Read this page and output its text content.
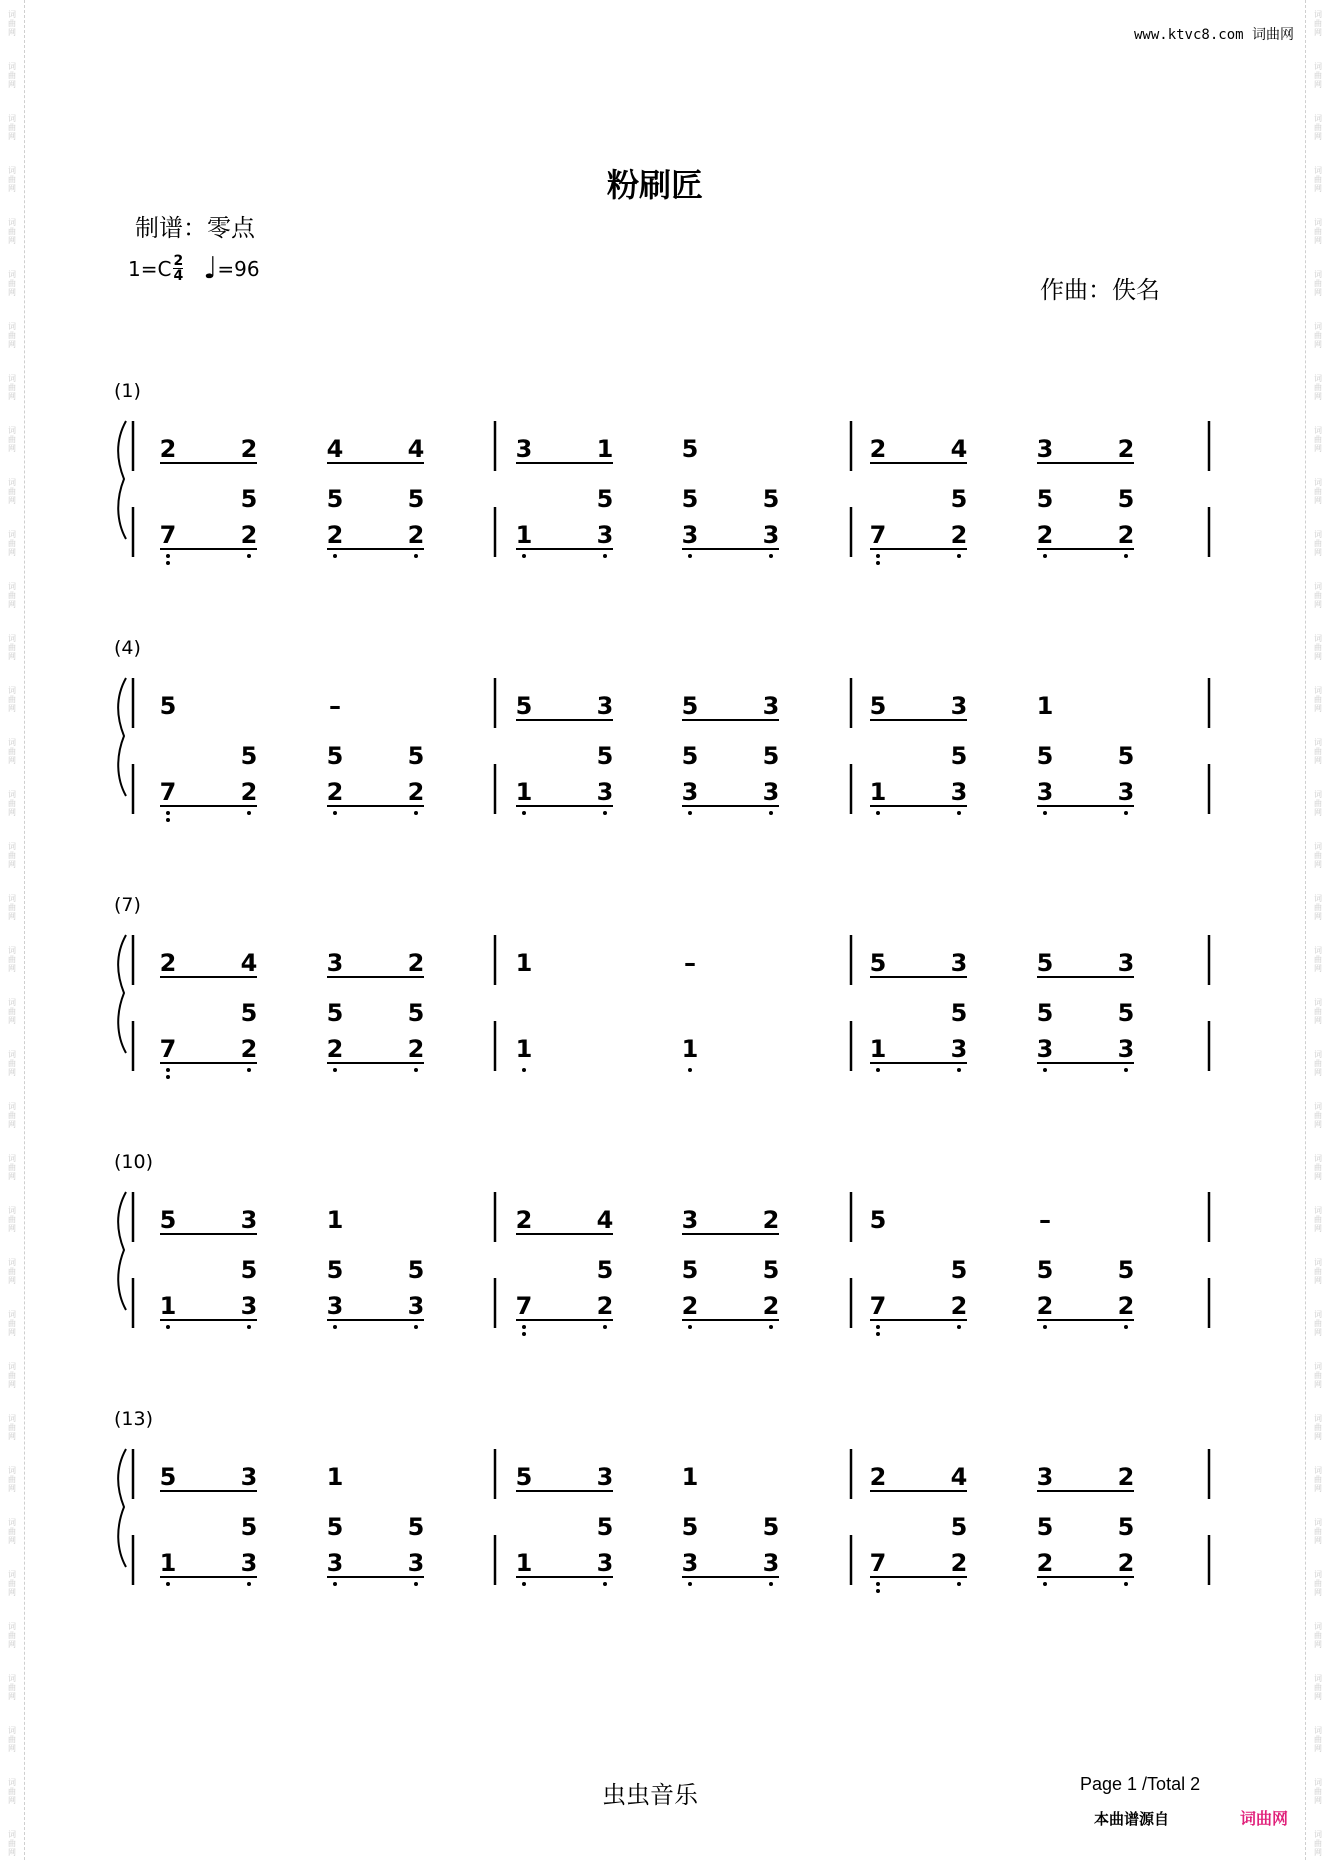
词
曲
网
词
曲
网
词
曲
网
词
曲
网
词
曲
网
词
曲
网
词
曲
网
词
曲
网
词
曲
网
词
曲
网
词
曲
网
词
曲
网
词
曲
网
词
曲
网
词
曲
网
词
曲
网
词
曲
网
词
曲
网
词
曲
网
词
曲
网
词
曲
网
词
曲
网
词
曲
网
词
曲
网
词
曲
网
词
曲
网
词
曲
网
词
曲
网
词
曲
网
词
曲
网
词
曲
网
词
曲
网
词
曲
网
词
曲
网
词
曲
网
词
曲
网
词
曲
网
词
曲
网
词
曲
网
词
曲
网
词
曲
网
词
曲
网
词
曲
网
词
曲
网
词
曲
网
词
曲
网
词
曲
网
词
曲
网
词
曲
网
词
曲
网
词
曲
网
词
曲
网
词
曲
网
词
曲
网
词
曲
网
词
曲
网
词
曲
网
词
曲
网
词
曲
网
词
曲
网
词
曲
网
词
曲
网
词
曲
网
词
曲
网
词
曲
网
词
曲
网
词
曲
网
词
曲
网
词
曲
网
词
曲
网
词
曲
网
词
曲
网
www.ktvc8.com 词曲网
粉刷匠
制谱：零点
$1=C \frac{2}{4}$ ♩ =96
作曲：佚名
(1)
2	2	4	4	3	1	5	2	4	3	2
5	5	5
7	2	2	2
5	5	5
1	3	3	3
5	5	5
7	2	2	2
(4)
5	–	5	3	5	3	5	3	1
5	5	5
7	2	2	2
5	5	5
1	3	3	3
5	5	5
1	3	3	3
(7)
2	4	3	2	1	–	5	3	5	3
5	5	5
7	2	2	2	1	1
5	5	5
1	3	3	3
(10)
5	3	1	2	4	3	2	5	–
5	5	5
1	3	3	3
5	5	5
7	2	2	2
5	5	5
7	2	2	2
(13)
5	3	1	5	3	1	2	4	3	2
5	5	5
1	3	3	3
5	5	5
1	3	3	3
5	5	5
7	2	2	2
虫虫音乐	Page 1 /Total 2
本曲谱源自	词曲网
